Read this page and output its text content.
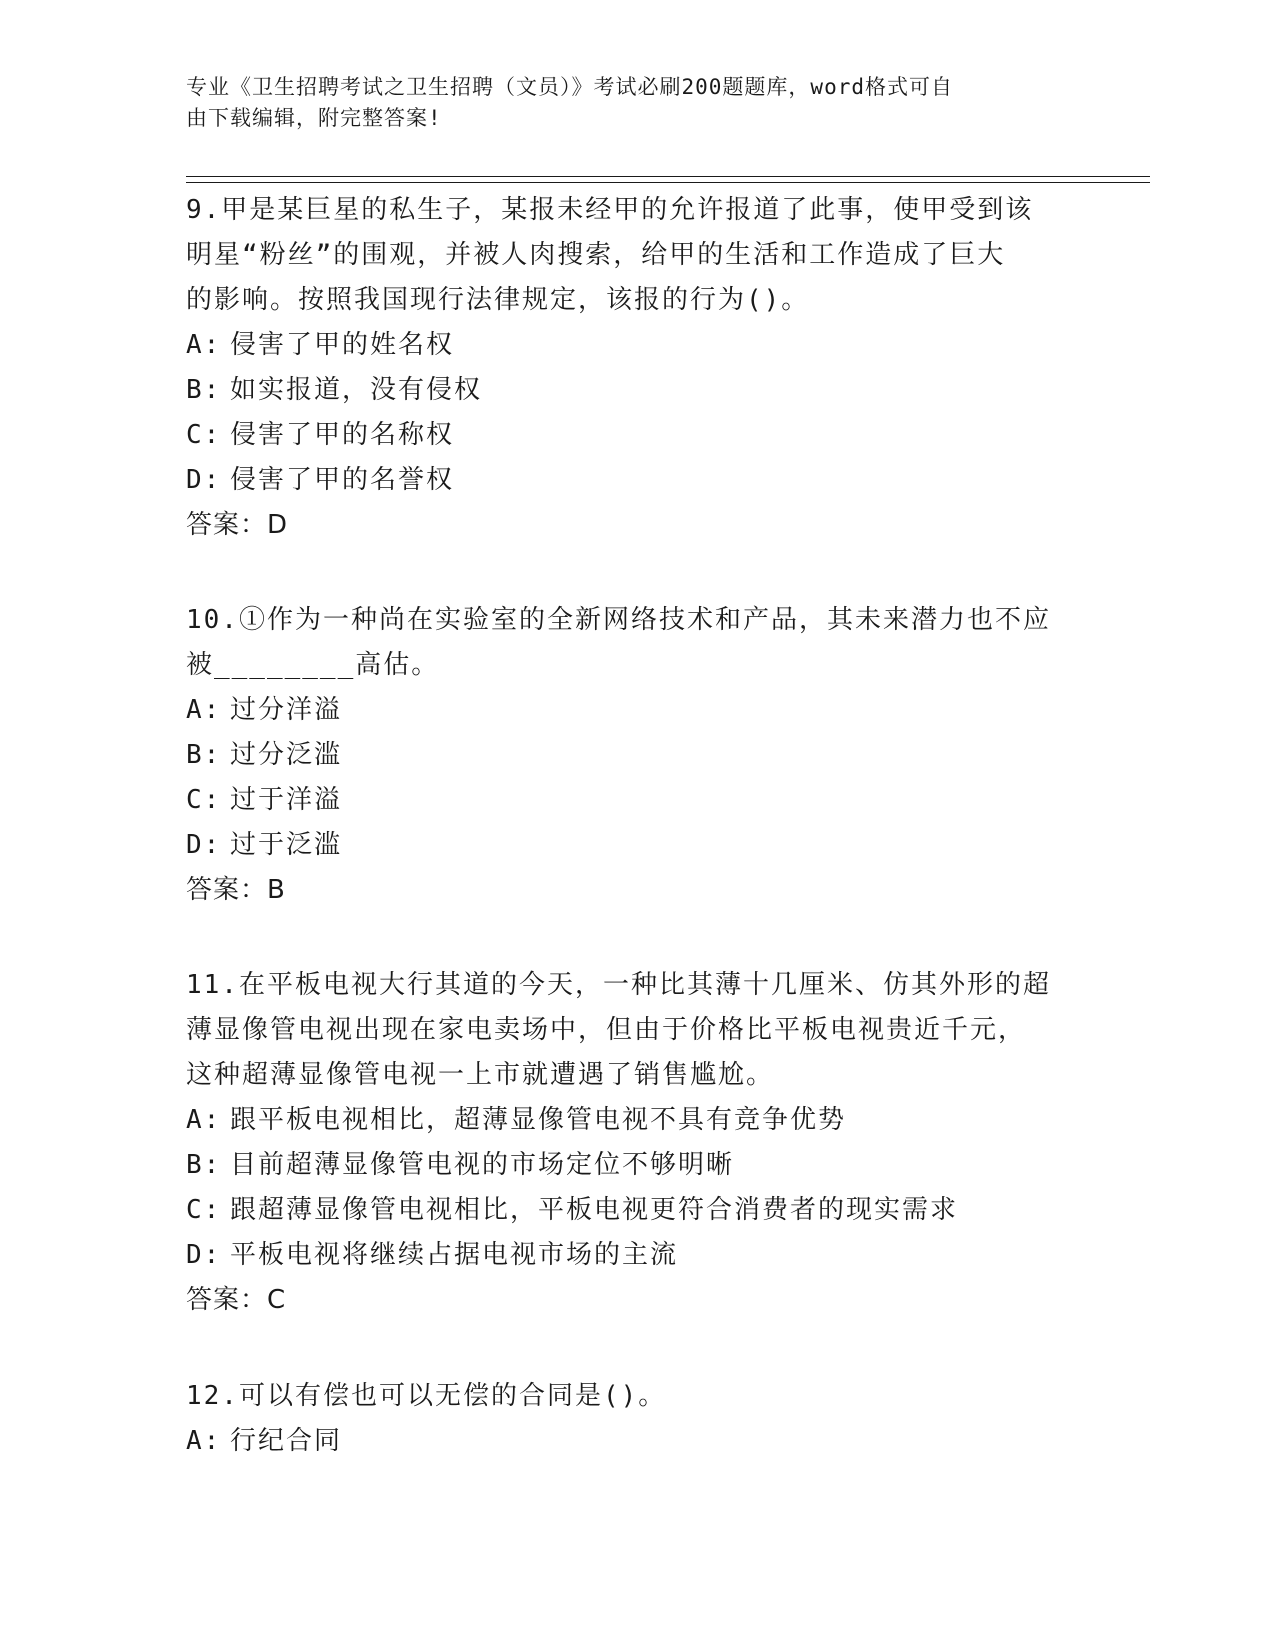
专业《卫生招聘考试之卫生招聘（文员）》考试必刷200题题库，word格式可自
由下载编辑，附完整答案!
9.甲是某巨星的私生子，某报未经甲的允许报道了此事，使甲受到该
明星“粉丝”的围观，并被人肉搜索，给甲的生活和工作造成了巨大
的影响。按照我国现行法律规定，该报的行为()。
A: 侵害了甲的姓名权
B: 如实报道，没有侵权
C: 侵害了甲的名称权
D: 侵害了甲的名誉权
答案：D
10.①作为一种尚在实验室的全新网络技术和产品，其未来潜力也不应
被________高估。
A: 过分洋溢
B: 过分泛滥
C: 过于洋溢
D: 过于泛滥
答案：B
11.在平板电视大行其道的今天，一种比其薄十几厘米、仿其外形的超
薄显像管电视出现在家电卖场中，但由于价格比平板电视贵近千元，
这种超薄显像管电视一上市就遭遇了销售尴尬。
A: 跟平板电视相比，超薄显像管电视不具有竞争优势
B: 目前超薄显像管电视的市场定位不够明晰
C: 跟超薄显像管电视相比，平板电视更符合消费者的现实需求
D: 平板电视将继续占据电视市场的主流
答案：C
12.可以有偿也可以无偿的合同是()。
A: 行纪合同
